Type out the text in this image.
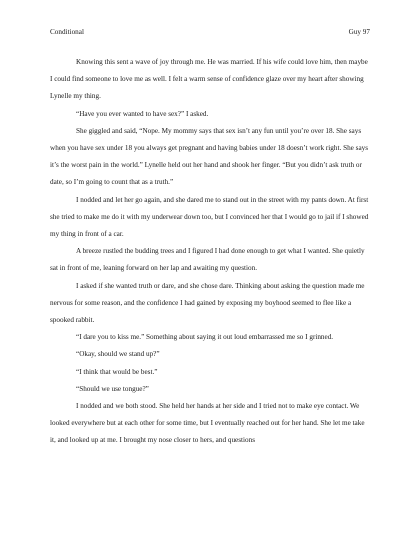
Conditional	Guy 97

Knowing this sent a wave of joy through me. He was married. If his wife could love him, then maybe I could find someone to love me as well. I felt a warm sense of confidence glaze over my heart after showing Lynelle my thing.

“Have you ever wanted to have sex?” I asked.

She giggled and said, “Nope. My mommy says that sex isn’t any fun until you’re over 18. She says when you have sex under 18 you always get pregnant and having babies under 18 doesn’t work right. She says it’s the worst pain in the world.” Lynelle held out her hand and shook her finger. “But you didn’t ask truth or date, so I’m going to count that as a truth.”

I nodded and let her go again, and she dared me to stand out in the street with my pants down. At first she tried to make me do it with my underwear down too, but I convinced her that I would go to jail if I showed my thing in front of a car.

A breeze rustled the budding trees and I figured I had done enough to get what I wanted. She quietly sat in front of me, leaning forward on her lap and awaiting my question.

I asked if she wanted truth or dare, and she chose dare. Thinking about asking the question made me nervous for some reason, and the confidence I had gained by exposing my boyhood seemed to flee like a spooked rabbit.

“I dare you to kiss me.” Something about saying it out loud embarrassed me so I grinned.

“Okay, should we stand up?”

“I think that would be best.”

“Should we use tongue?”

I nodded and we both stood. She held her hands at her side and I tried not to make eye contact. We looked everywhere but at each other for some time, but I eventually reached out for her hand. She let me take it, and looked up at me. I brought my nose closer to hers, and questions
